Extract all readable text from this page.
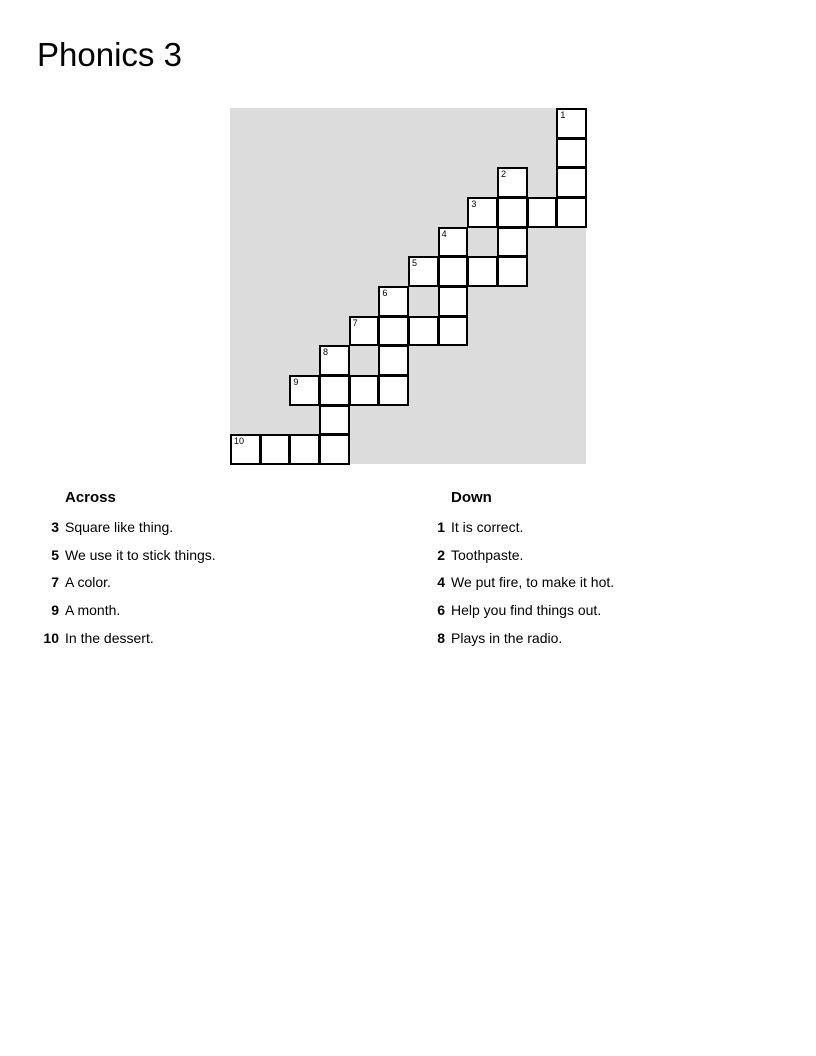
Phonics 3
1
2
3
4
5
6
7
8
9
10
Across
3 Square like thing.
5 We use it to stick things.
7 A color.
9 A month.
10 In the dessert.
Down
1 It is correct.
2 Toothpaste.
4 We put fire, to make it hot.
6 Help you find things out.
8 Plays in the radio.
